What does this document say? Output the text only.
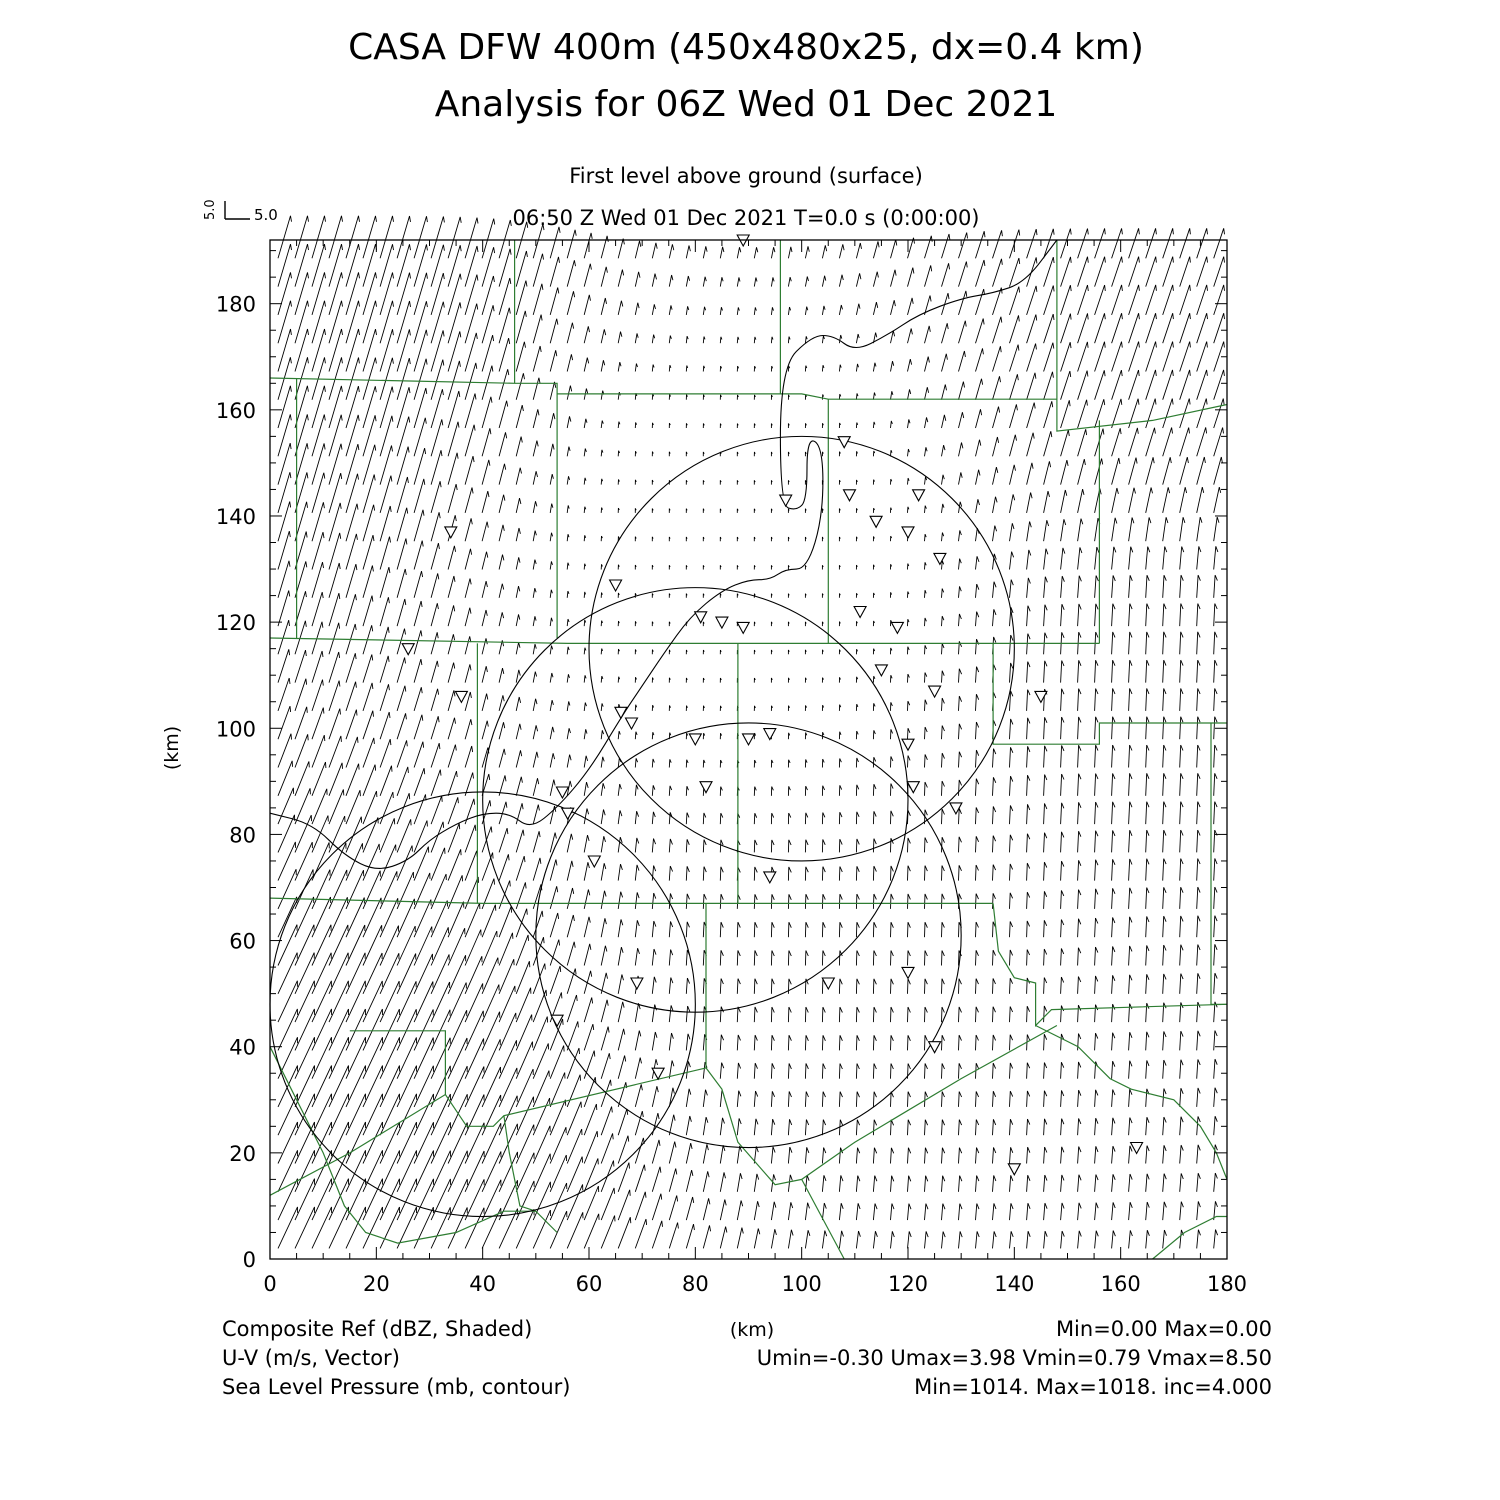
CASA DFW 400m (450x480x25, dx=0.4 km)
Analysis for 06Z Wed 01 Dec 2021
First level above ground (surface)
06:50 Z Wed 01 Dec 2021 T=0.0 s (0:00:00)
5.0 5.0
0	20	40	60	80	100	120	140	160	180
0
20
40
60
80
100
120
140
160
180
(km)
Composite Ref (dBZ, Shaded)	(km)	Min=0.00 Max=0.00
U-V (m/s, Vector)	Umin=-0.30 Umax=3.98 Vmin=0.79 Vmax=8.50
Sea Level Pressure (mb, contour)	Min=1014. Max=1018. inc=4.000
